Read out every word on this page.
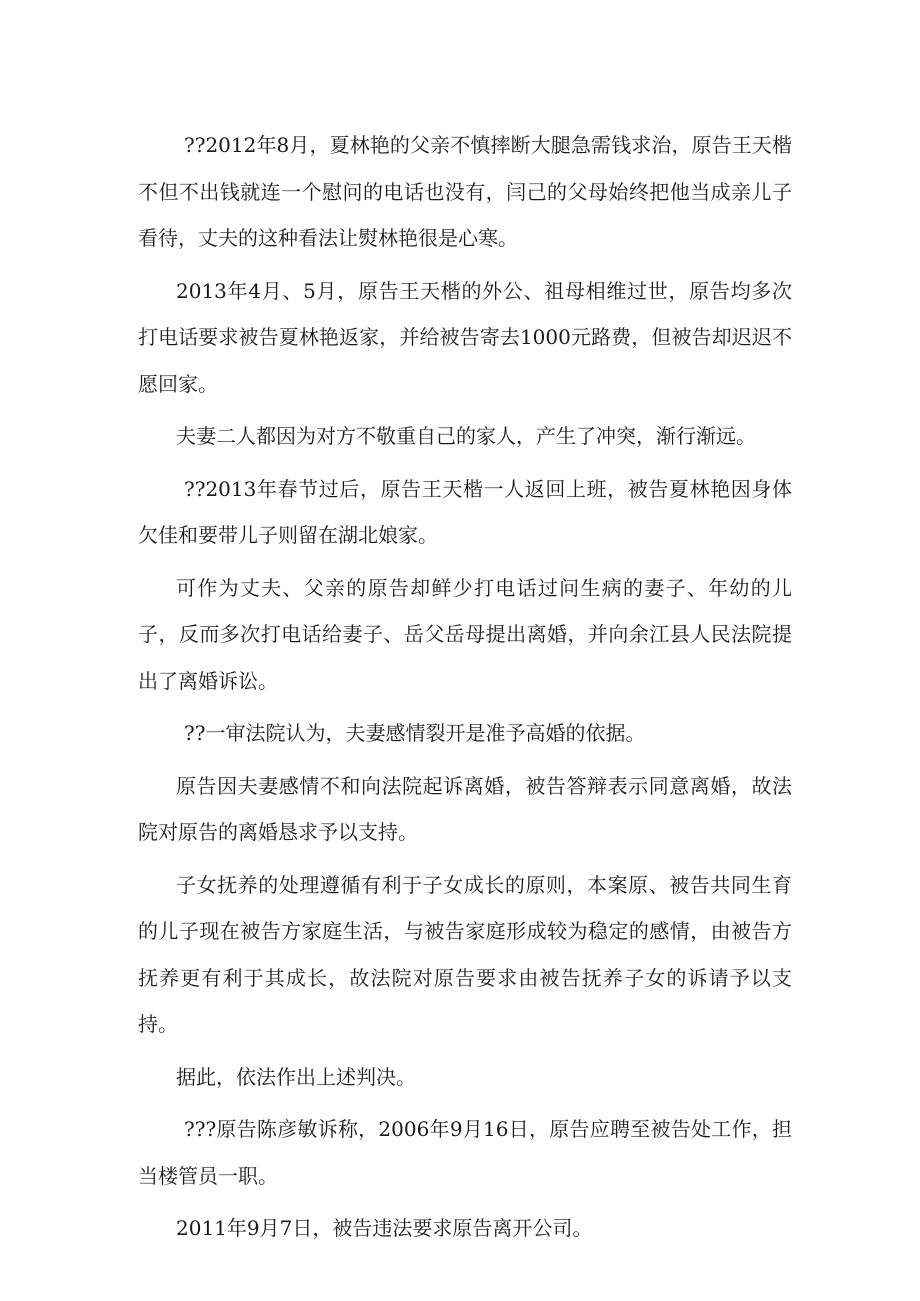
??2012年8月，夏林艳的父亲不慎摔断大腿急需钱求治，原告王天楷不但不出钱就连一个慰问的电话也没有，闫己的父母始终把他当成亲儿子看待，丈夫的这种看法让熨林艳很是心寒。

2013年4月、5月，原告王天楷的外公、祖母相维过世，原告均多次打电话要求被告夏林艳返家，并给被告寄去1000元路费，但被告却迟迟不愿回家。

夫妻二人都因为对方不敬重自己的家人，产生了冲突，渐行渐远。

??2013年春节过后，原告王天楷一人返回上班，被告夏林艳因身体欠佳和要带儿子则留在湖北娘家。

可作为丈夫、父亲的原告却鲜少打电话过问生病的妻子、年幼的儿子，反而多次打电话给妻子、岳父岳母提出离婚，并向余江县人民法院提出了离婚诉讼。

??一审法院认为，夫妻感情裂开是准予高婚的依据。

原告因夫妻感情不和向法院起诉离婚，被告答辩表示同意离婚，故法院对原告的离婚恳求予以支持。

子女抚养的处理遵循有利于子女成长的原则，本案原、被告共同生育的儿子现在被告方家庭生活，与被告家庭形成较为稳定的感情，由被告方抚养更有利于其成长，故法院对原告要求由被告抚养子女的诉请予以支持。

据此，依法作出上述判决。

???原告陈彦敏诉称，2006年9月16日，原告应聘至被告处工作，担当楼管员一职。

2011年9月7日，被告违法要求原告离开公司。
